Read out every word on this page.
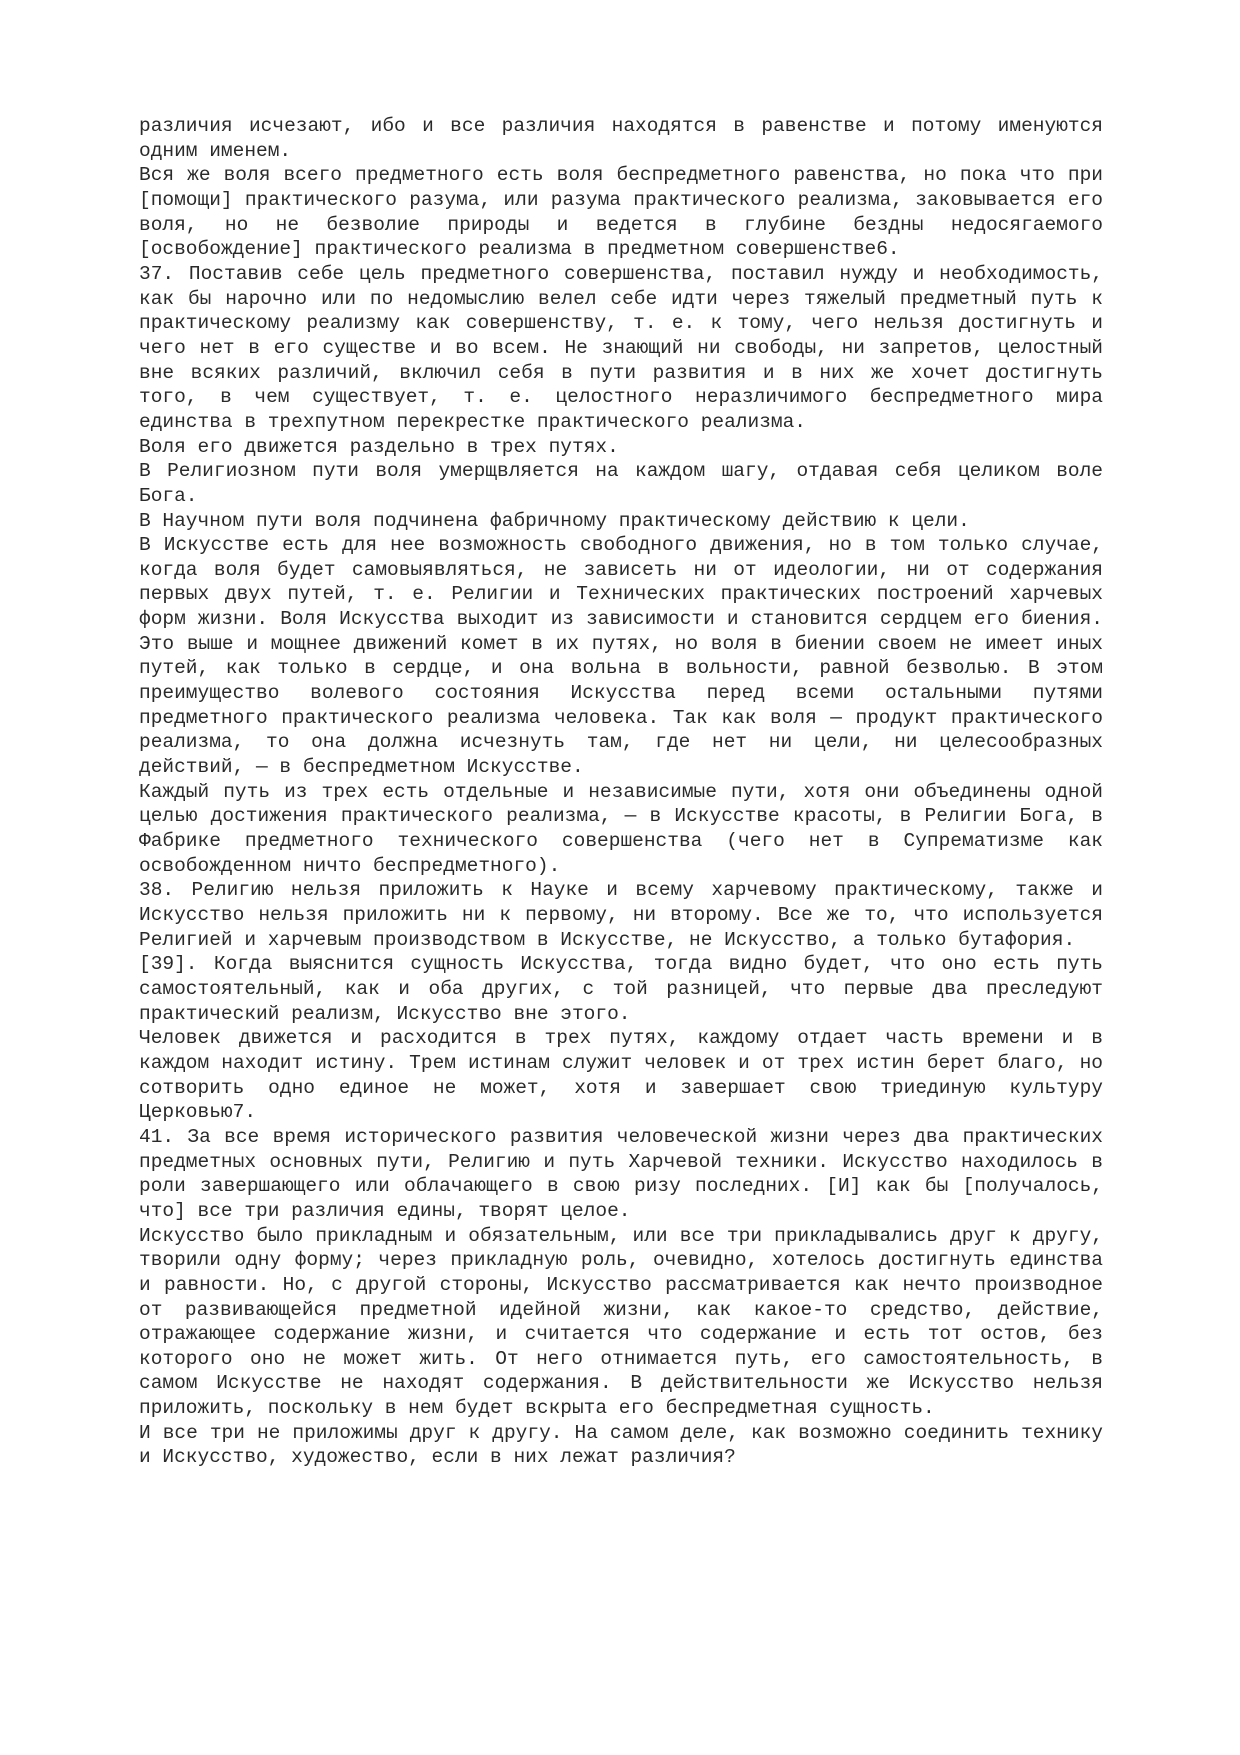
различия исчезают, ибо и все различия находятся в равенстве и потому именуются одним именем.

Вся же воля всего предметного есть воля беспредметного равенства, но пока что при [помощи] практического разума, или разума практического реализма, заковывается его воля, но не безволие природы и ведется в глубине бездны недосягаемого [освобождение] практического реализма в предметном совершенстве6.

37. Поставив себе цель предметного совершенства, поставил нужду и необходимость, как бы нарочно или по недомыслию велел себе идти через тяжелый предметный путь к практическому реализму как совершенству, т. е. к тому, чего нельзя достигнуть и чего нет в его существе и во всем. Не знающий ни свободы, ни запретов, целостный вне всяких различий, включил себя в пути развития и в них же хочет достигнуть того, в чем существует, т. е. целостного неразличимого беспредметного мира единства в трехпутном перекрестке практического реализма.

Воля его движется раздельно в трех путях.

В Религиозном пути воля умерщвляется на каждом шагу, отдавая себя целиком воле Бога.

В Научном пути воля подчинена фабричному практическому действию к цели.

В Искусстве есть для нее возможность свободного движения, но в том только случае, когда воля будет самовыявляться, не зависеть ни от идеологии, ни от содержания первых двух путей, т. е. Религии и Технических практических построений харчевых форм жизни. Воля Искусства выходит из зависимости и становится сердцем его биения. Это выше и мощнее движений комет в их путях, но воля в биении своем не имеет иных путей, как только в сердце, и она вольна в вольности, равной безволью. В этом преимущество волевого состояния Искусства перед всеми остальными путями предметного практического реализма человека. Так как воля — продукт практического реализма, то она должна исчезнуть там, где нет ни цели, ни целесообразных действий, — в беспредметном Искусстве.

Каждый путь из трех есть отдельные и независимые пути, хотя они объединены одной целью достижения практического реализма, — в Искусстве красоты, в Религии Бога, в Фабрике предметного технического совершенства (чего нет в Супрематизме как освобожденном ничто беспредметного).

38. Религию нельзя приложить к Науке и всему харчевому практическому, также и Искусство нельзя приложить ни к первому, ни второму. Все же то, что используется Религией и харчевым производством в Искусстве, не Искусство, а только бутафория.

[39]. Когда выяснится сущность Искусства, тогда видно будет, что оно есть путь самостоятельный, как и оба других, с той разницей, что первые два преследуют практический реализм, Искусство вне этого.

Человек движется и расходится в трех путях, каждому отдает часть времени и в каждом находит истину. Трем истинам служит человек и от трех истин берет благо, но сотворить одно единое не может, хотя и завершает свою триединую культуру Церковью7.

41. За все время исторического развития человеческой жизни через два практических предметных основных пути, Религию и путь Харчевой техники. Искусство находилось в роли завершающего или облачающего в свою ризу последних. [И] как бы [получалось, что] все три различия едины, творят целое.

Искусство было прикладным и обязательным, или все три прикладывались друг к другу, творили одну форму; через прикладную роль, очевидно, хотелось достигнуть единства и равности. Но, с другой стороны, Искусство рассматривается как нечто производное от развивающейся предметной идейной жизни, как какое-то средство, действие, отражающее содержание жизни, и считается что содержание и есть тот остов, без которого оно не может жить. От него отнимается путь, его самостоятельность, в самом Искусстве не находят содержания. В действительности же Искусство нельзя приложить, поскольку в нем будет вскрыта его беспредметная сущность.

И все три не приложимы друг к другу. На самом деле, как возможно соединить технику и Искусство, художество, если в них лежат различия?
